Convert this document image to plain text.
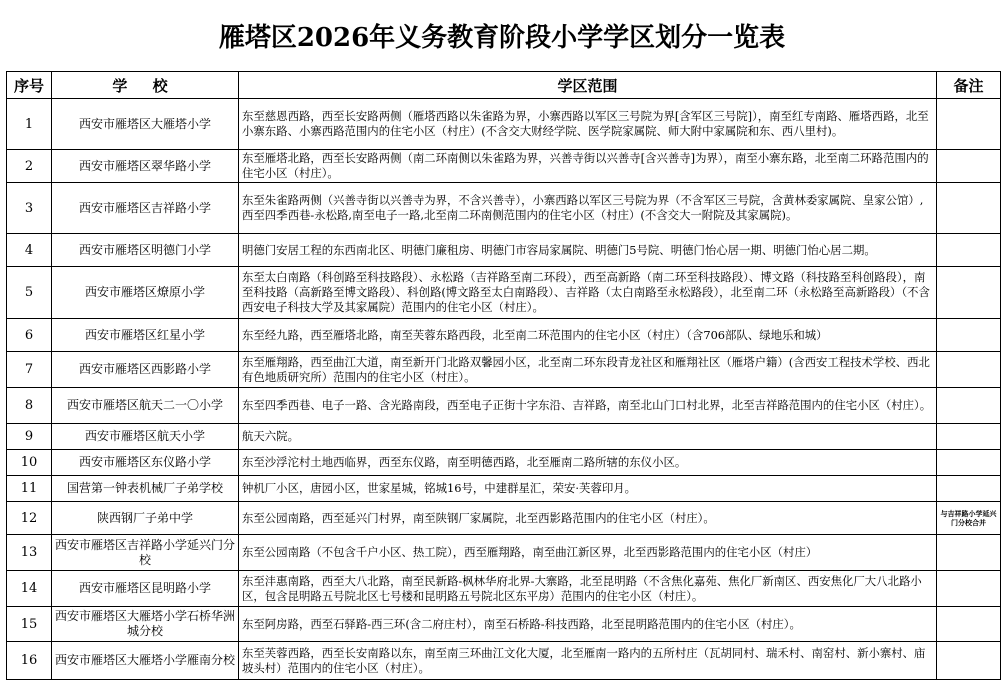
雁塔区2026年义务教育阶段小学学区划分一览表
序号	学 校	学区范围	备注
1	西安市雁塔区大雁塔小学	东至慈恩西路，西至长安路两侧（雁塔西路以朱雀路为界，小寨西路以军区三号院为界[含军区三号院]），南至红专南路、雁塔西路，北至小寨东路、小寨西路范围内的住宅小区（村庄）(不含交大财经学院、医学院家属院、师大附中家属院和东、西八里村)。	
2	西安市雁塔区翠华路小学	东至雁塔北路，西至长安路两侧（南二环南侧以朱雀路为界，兴善寺街以兴善寺[含兴善寺]为界），南至小寨东路，北至南二环路范围内的住宅小区（村庄）。	
3	西安市雁塔区吉祥路小学	东至朱雀路两侧（兴善寺街以兴善寺为界，不含兴善寺），小寨西路以军区三号院为界（不含军区三号院，含黄林委家属院、皇家公馆）,西至四季西巷-永松路,南至电子一路,北至南二环南侧范围内的住宅小区（村庄）(不含交大一附院及其家属院)。	
4	西安市雁塔区明德门小学	明德门安居工程的东西南北区、明德门廉租房、明德门市容局家属院、明德门5号院、明德门怡心居一期、明德门怡心居二期。	
5	西安市雁塔区燎原小学	东至太白南路（科创路至科技路段）、永松路（吉祥路至南二环段），西至高新路（南二环至科技路段）、博文路（科技路至科创路段），南至科技路（高新路至博文路段）、科创路(博文路至太白南路段）、吉祥路（太白南路至永松路段），北至南二环（永松路至高新路段）（不含西安电子科技大学及其家属院）范围内的住宅小区（村庄）。	
6	西安市雁塔区红星小学	东至经九路，西至雁塔北路，南至芙蓉东路西段，北至南二环范围内的住宅小区（村庄）（含706部队、绿地乐和城）	
7	西安市雁塔区西影路小学	东至雁翔路，西至曲江大道，南至新开门北路双馨园小区，北至南二环东段青龙社区和雁翔社区（雁塔户籍）(含西安工程技术学校、西北有色地质研究所）范围内的住宅小区（村庄）。	
8	西安市雁塔区航天二一〇小学	东至四季西巷、电子一路、含光路南段，西至电子正街十字东沿、吉祥路，南至北山门口村北界，北至吉祥路范围内的住宅小区（村庄）。	
9	西安市雁塔区航天小学	航天六院。	
10	西安市雁塔区东仪路小学	东至沙浮沱村土地西临界，西至东仪路，南至明德西路，北至雁南二路所辖的东仪小区。	
11	国营第一钟表机械厂子弟学校	钟机厂小区，唐园小区，世家星城，铭城16号，中建群星汇，荣安·芙蓉印月。	
12	陕西钢厂子弟中学	东至公园南路，西至延兴门村界，南至陕钢厂家属院，北至西影路范围内的住宅小区（村庄）。	与吉祥路小学延兴门分校合并
13	西安市雁塔区吉祥路小学延兴门分校	东至公园南路（不包含千户小区、热工院），西至雁翔路，南至曲江新区界，北至西影路范围内的住宅小区（村庄）	
14	西安市雁塔区昆明路小学	东至沣惠南路，西至大八北路，南至民新路-枫林华府北界-大寨路，北至昆明路（不含焦化嘉苑、焦化厂新南区、西安焦化厂大八北路小区，包含昆明路五号院北区七号楼和昆明路五号院北区东平房）范围内的住宅小区（村庄）。	
15	西安市雁塔区大雁塔小学石桥华洲城分校	东至阿房路，西至石驿路-西三环(含二府庄村），南至石桥路-科技西路，北至昆明路范围内的住宅小区（村庄）。	
16	西安市雁塔区大雁塔小学雁南分校	东至芙蓉西路，西至长安南路以东，南至南三环曲江文化大厦，北至雁南一路内的五所村庄（瓦胡同村、瑞禾村、南窑村、新小寨村、庙坡头村）范围内的住宅小区（村庄）。	
